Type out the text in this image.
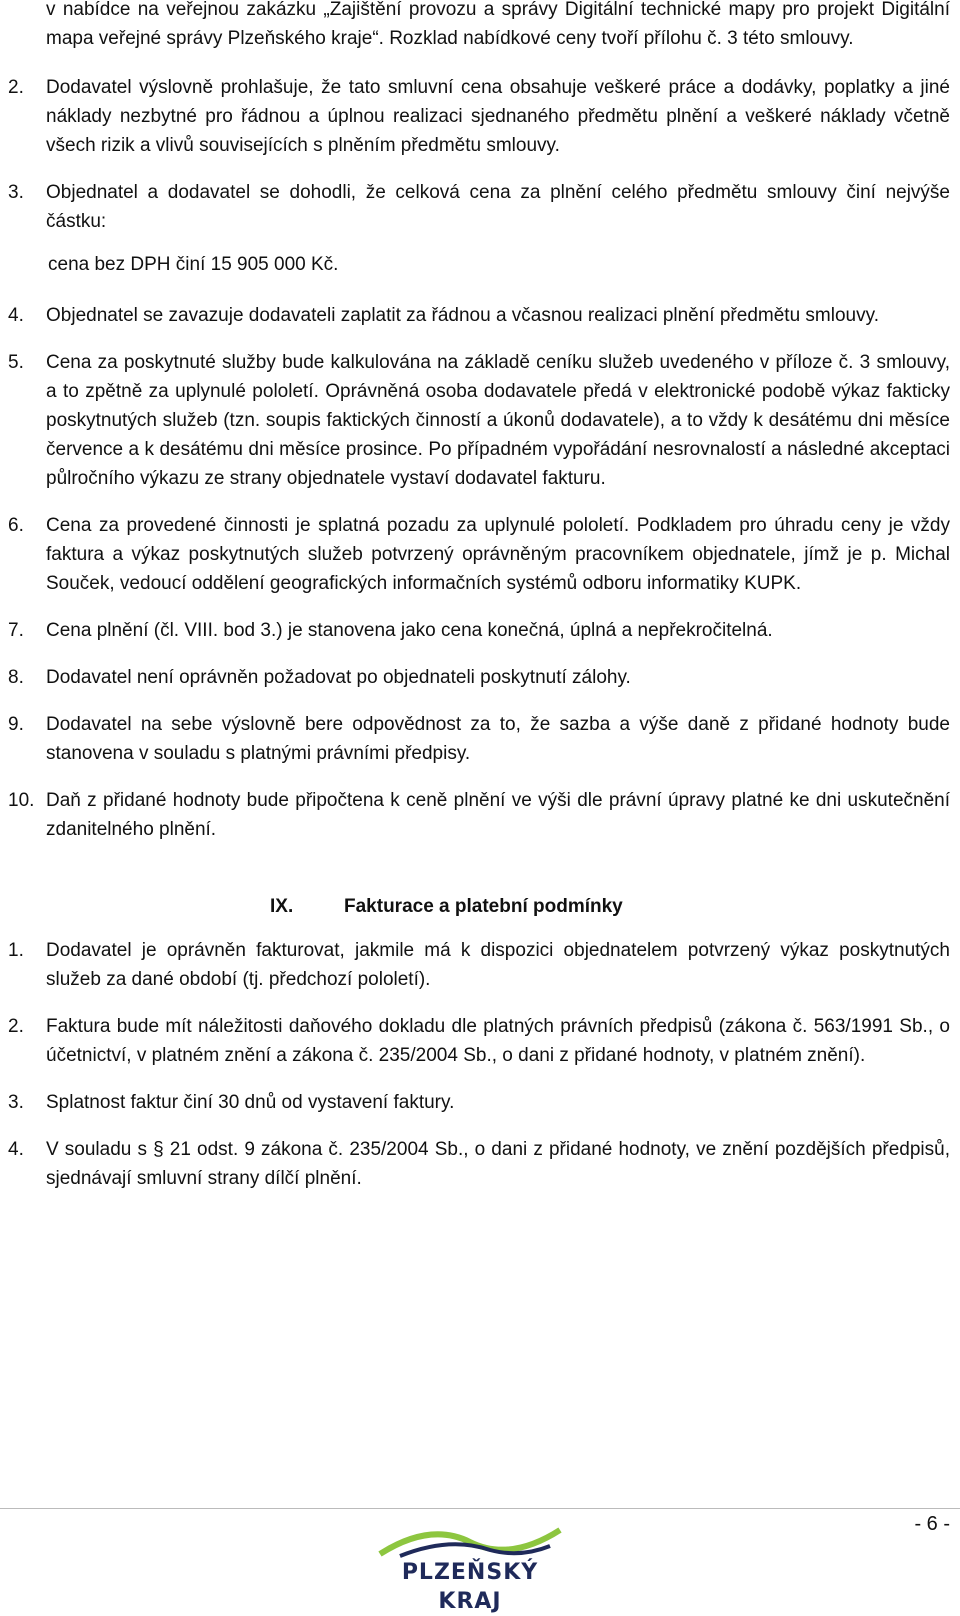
v nabídce na veřejnou zakázku „Zajištění provozu a správy Digitální technické mapy pro projekt Digitální mapa veřejné správy Plzeňského kraje“. Rozklad nabídkové ceny tvoří přílohu č. 3 této smlouvy.
2.	Dodavatel výslovně prohlašuje, že tato smluvní cena obsahuje veškeré práce a dodávky, poplatky a jiné náklady nezbytné pro řádnou a úplnou realizaci sjednaného předmětu plnění a veškeré náklady včetně všech rizik a vlivů souvisejících s plněním předmětu smlouvy.
3.	Objednatel a dodavatel se dohodli, že celková cena za plnění celého předmětu smlouvy činí nejvýše částku:
cena bez DPH činí 15 905 000 Kč.
4.	Objednatel se zavazuje dodavateli zaplatit za řádnou a včasnou realizaci plnění předmětu smlouvy.
5.	Cena za poskytnuté služby bude kalkulována na základě ceníku služeb uvedeného v příloze č. 3 smlouvy, a to zpětně za uplynulé pololetí. Oprávněná osoba dodavatele předá v elektronické podobě výkaz fakticky poskytnutých služeb (tzn. soupis faktických činností a úkonů dodavatele), a to vždy k desátému dni měsíce července a k desátému dni měsíce prosince. Po případném vypořádání nesrovnalostí a následné akceptaci půlročního výkazu ze strany objednatele vystaví dodavatel fakturu.
6.	Cena za provedené činnosti je splatná pozadu za uplynulé pololetí. Podkladem pro úhradu ceny je vždy faktura a výkaz poskytnutých služeb potvrzený oprávněným pracovníkem objednatele, jímž je p. Michal Souček, vedoucí oddělení geografických informačních systémů odboru informatiky KUPK.
7.	Cena plnění (čl. VIII. bod 3.) je stanovena jako cena konečná, úplná a nepřekročitelná.
8.	Dodavatel není oprávněn požadovat po objednateli poskytnutí zálohy.
9.	Dodavatel na sebe výslovně bere odpovědnost za to, že sazba a výše daně z přidané hodnoty bude stanovena v souladu s platnými právními předpisy.
10. Daň z přidané hodnoty bude připočtena k ceně plnění ve výši dle právní úpravy platné ke dni uskutečnění zdanitelného plnění.
IX.	Fakturace a platební podmínky
1.	Dodavatel je oprávněn fakturovat, jakmile má k dispozici objednatelem potvrzený výkaz poskytnutých služeb za dané období (tj. předchozí pololetí).
2.	Faktura bude mít náležitosti daňového dokladu dle platných právních předpisů (zákona č. 563/1991 Sb., o účetnictví, v platném znění a zákona č. 235/2004 Sb., o dani z přidané hodnoty, v platném znění).
3.	Splatnost faktur činí 30 dnů od vystavení faktury.
4.	V souladu s § 21 odst. 9 zákona č. 235/2004 Sb., o dani z přidané hodnoty, ve znění pozdějších předpisů, sjednávají smluvní strany dílčí plnění.
- 6 -
PLZEŇSKÝ KRAJ
